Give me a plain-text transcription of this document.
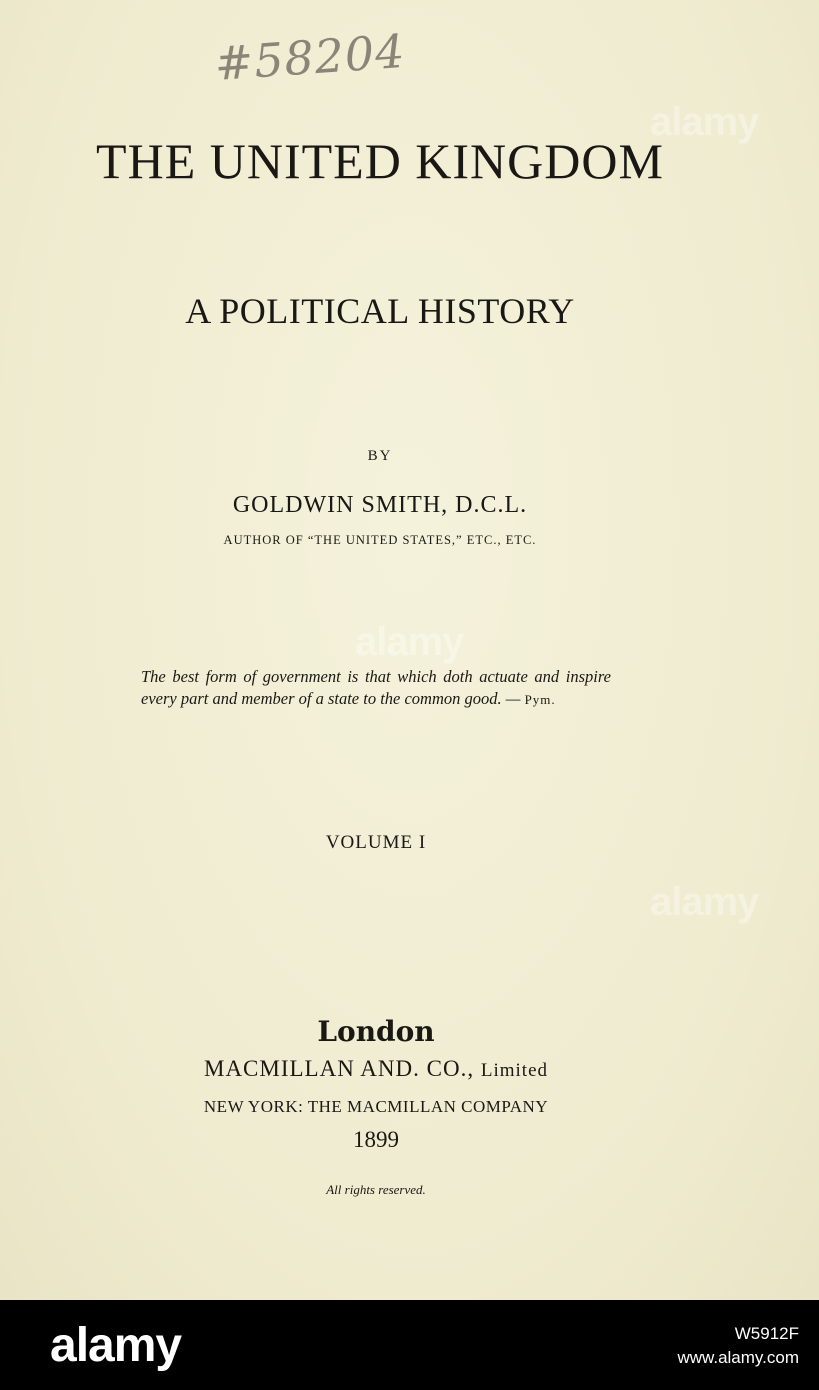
#58204
THE UNITED KINGDOM
A POLITICAL HISTORY
BY
GOLDWIN SMITH, D.C.L.
AUTHOR OF “THE UNITED STATES,” ETC., ETC.
The best form of government is that which doth actuate and inspire every part and member of a state to the common good. — Pym.
VOLUME I
London
MACMILLAN AND. CO., Limited
NEW YORK: THE MACMILLAN COMPANY
1899
All rights reserved.
alamy
alamy
alamy
alamy	W5912F
www.alamy.com
